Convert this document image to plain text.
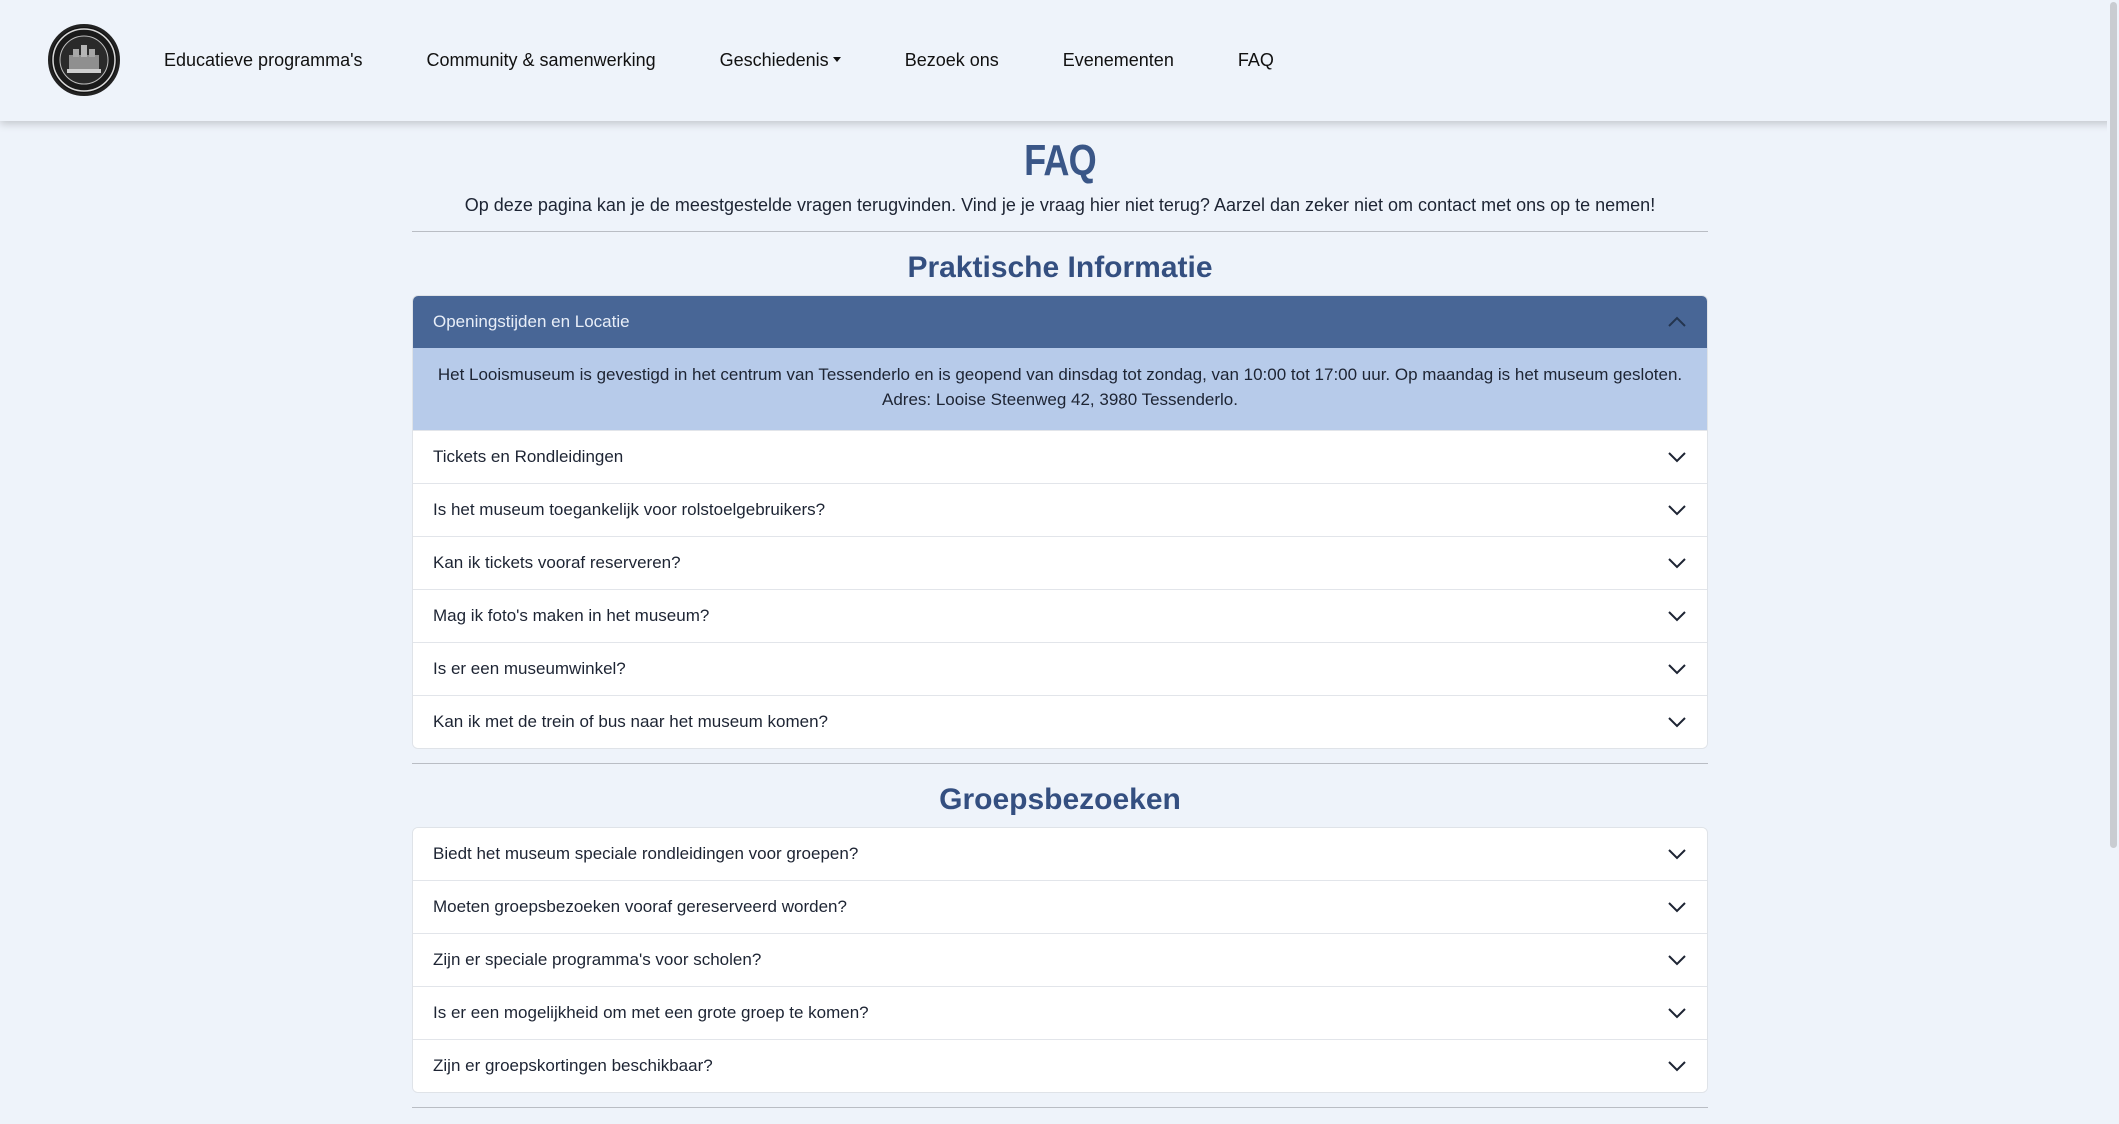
Educatieve programma's	Community & samenwerking	Geschiedenis	Bezoek ons	Evenementen	FAQ
FAQ

Op deze pagina kan je de meestgestelde vragen terugvinden. Vind je je vraag hier niet terug? Aarzel dan zeker niet om contact met ons op te nemen!

Praktische Informatie
Openingstijden en Locatie
Het Looismuseum is gevestigd in het centrum van Tessenderlo en is geopend van dinsdag tot zondag, van 10:00 tot 17:00 uur. Op maandag is het museum gesloten. Adres: Looise Steenweg 42, 3980 Tessenderlo.
Tickets en Rondleidingen
Is het museum toegankelijk voor rolstoelgebruikers?
Kan ik tickets vooraf reserveren?
Mag ik foto's maken in het museum?
Is er een museumwinkel?
Kan ik met de trein of bus naar het museum komen?
Groepsbezoeken
Biedt het museum speciale rondleidingen voor groepen?
Moeten groepsbezoeken vooraf gereserveerd worden?
Zijn er speciale programma's voor scholen?
Is er een mogelijkheid om met een grote groep te komen?
Zijn er groepskortingen beschikbaar?
